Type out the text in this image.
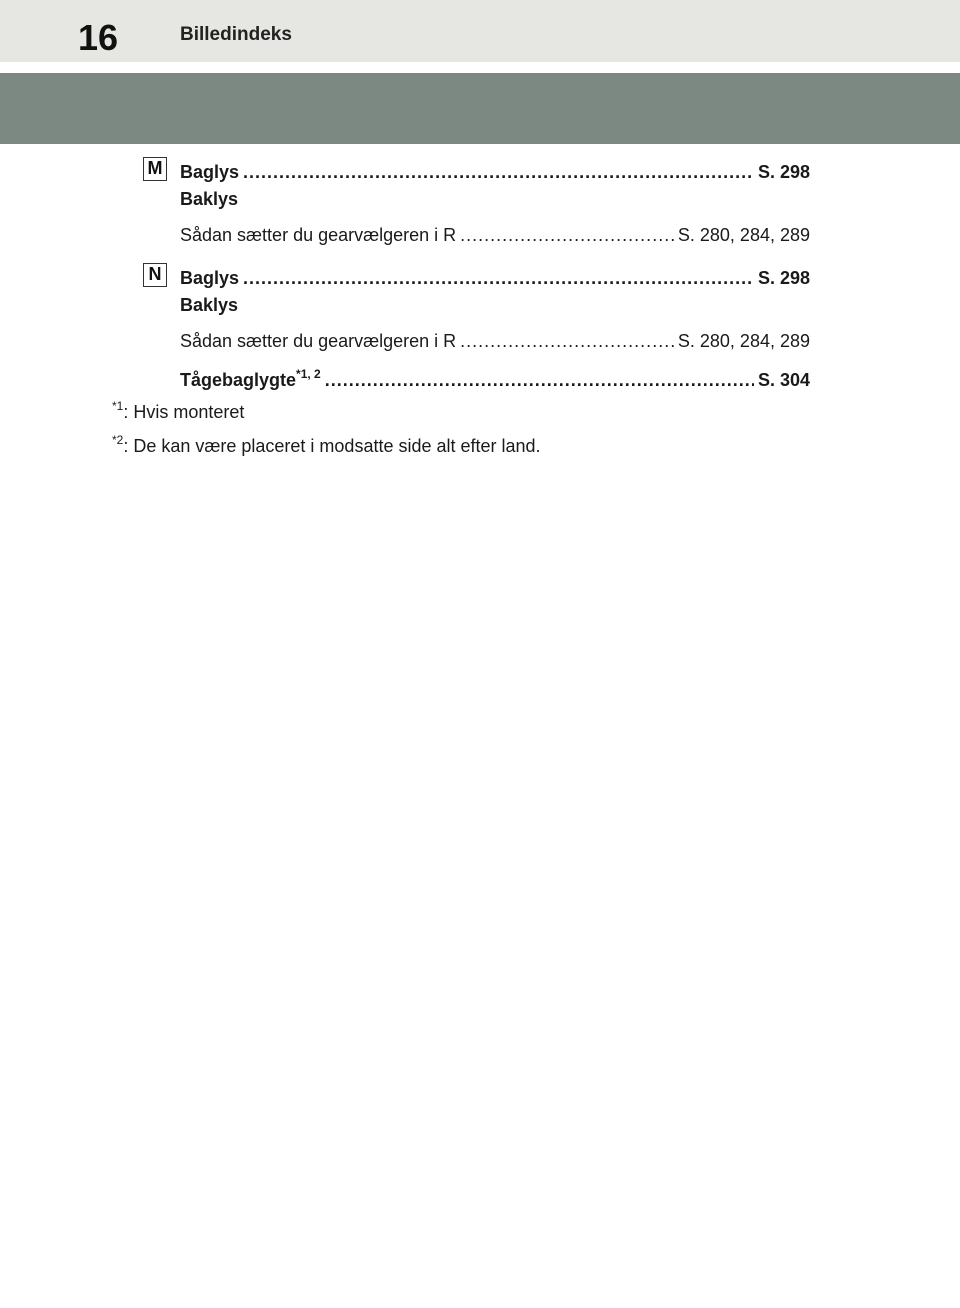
16	Billedindeks
M Baglys .....	S. 298
Baklys
Sådan sætter du gearvælgeren i R .....	S. 280, 284, 289
N	Baglys .....	S. 298
Baklys
Sådan sætter du gearvælgeren i R .....	S. 280, 284, 289
Tågebaglygte$^{*1, 2}$ .....	S. 304
$^{*1}$: Hvis monteret
$^{*2}$: De kan være placeret i modsatte side alt efter land.
